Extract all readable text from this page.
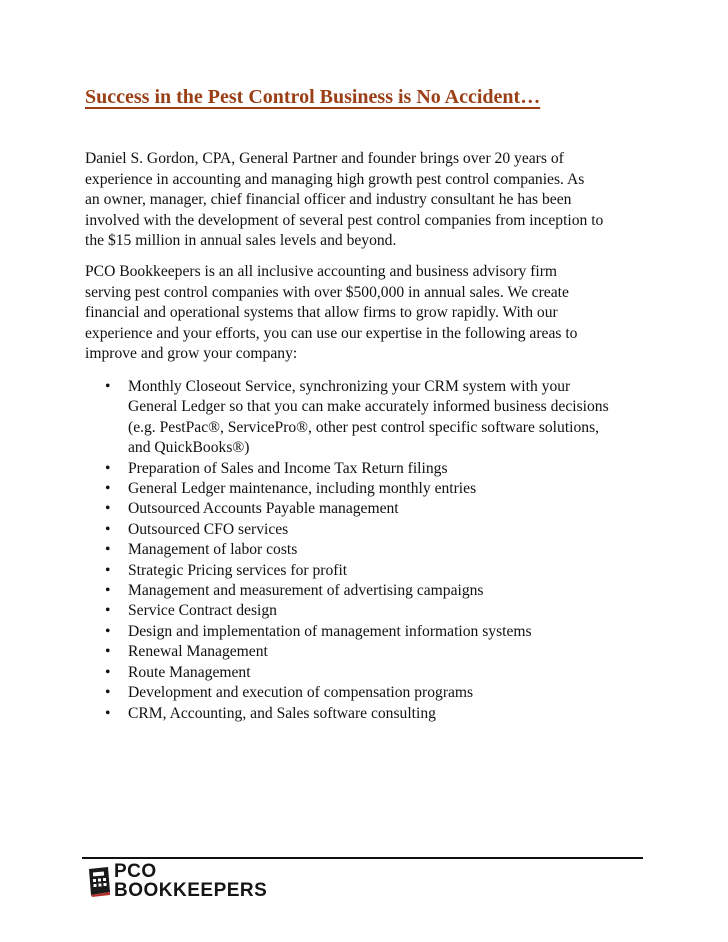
Success in the Pest Control Business is No Accident…

Daniel S. Gordon, CPA, General Partner and founder brings over 20 years of
experience in accounting and managing high growth pest control companies. As
an owner, manager, chief financial officer and industry consultant he has been
involved with the development of several pest control companies from inception to
the $15 million in annual sales levels and beyond.

PCO Bookkeepers is an all inclusive accounting and business advisory firm
serving pest control companies with over $500,000 in annual sales. We create
financial and operational systems that allow firms to grow rapidly. With our
experience and your efforts, you can use our expertise in the following areas to
improve and grow your company:

• Monthly Closeout Service, synchronizing your CRM system with your
General Ledger so that you can make accurately informed business decisions
(e.g. PestPac®, ServicePro®, other pest control specific software solutions,
and QuickBooks®)
• Preparation of Sales and Income Tax Return filings
• General Ledger maintenance, including monthly entries
• Outsourced Accounts Payable management
• Outsourced CFO services
• Management of labor costs
• Strategic Pricing services for profit
• Management and measurement of advertising campaigns
• Service Contract design
• Design and implementation of management information systems
• Renewal Management
• Route Management
• Development and execution of compensation programs
• CRM, Accounting, and Sales software consulting
PCO
BOOKKEEPERS
